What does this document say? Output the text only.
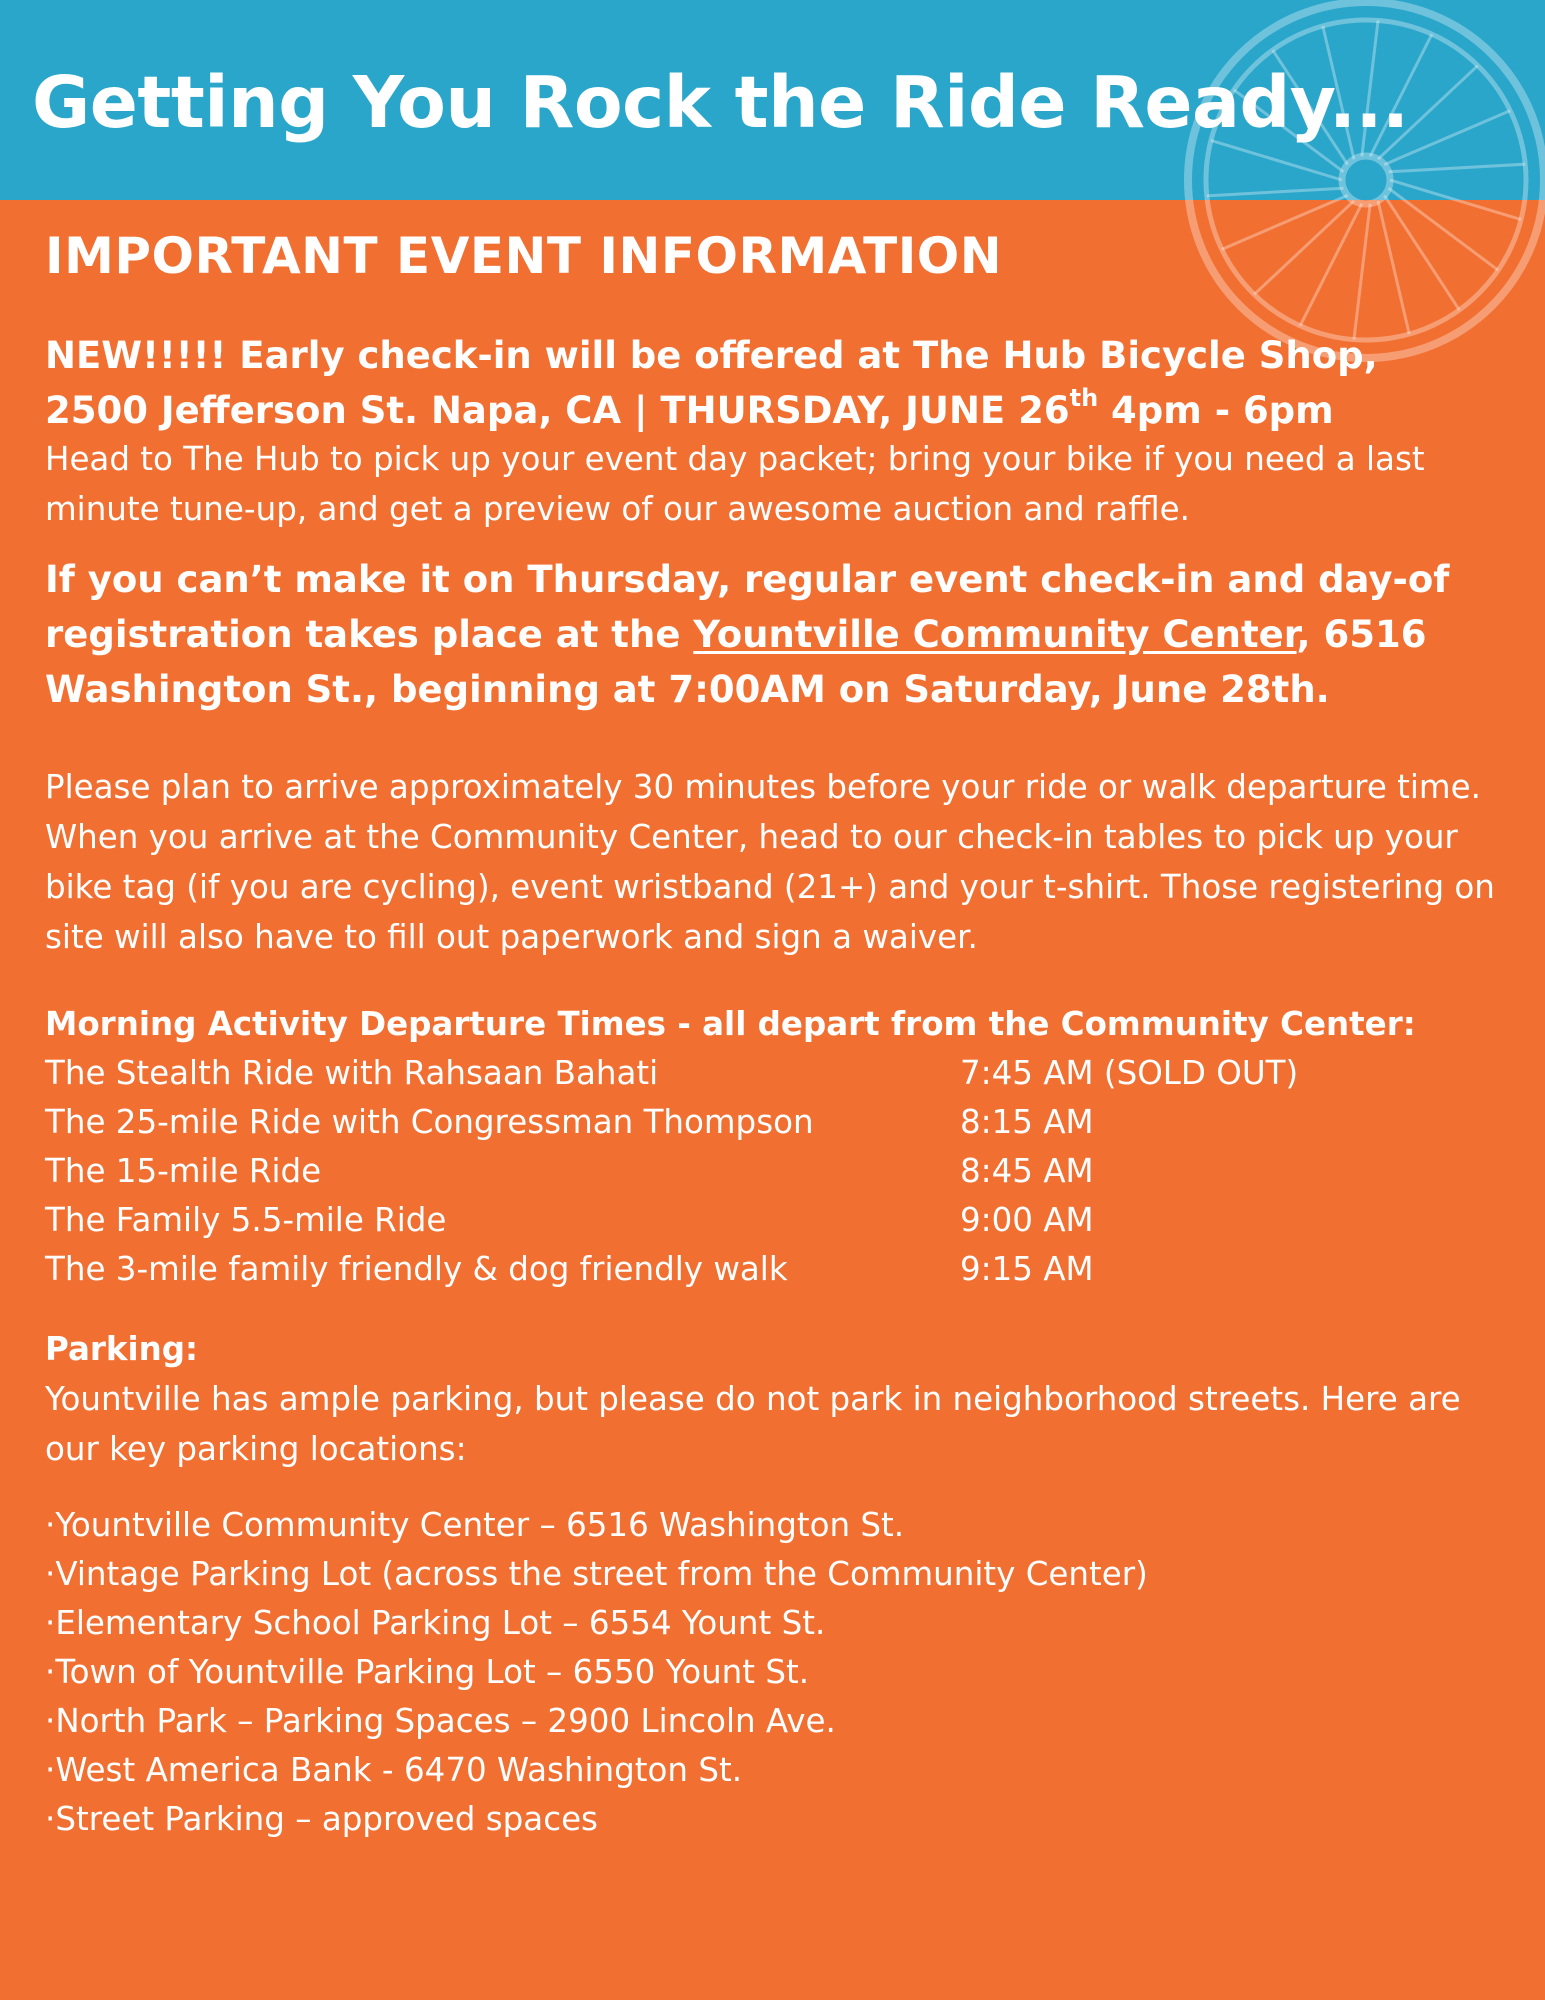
Getting You Rock the Ride Ready...
IMPORTANT EVENT INFORMATION
NEW!!!!! Early check-in will be offered at The Hub Bicycle Shop,
2500 Jefferson St. Napa, CA | THURSDAY, JUNE 26th 4pm - 6pm

Head to The Hub to pick up your event day packet; bring your bike if you need a last minute tune-up, and get a preview of our awesome auction and raffle.

If you can’t make it on Thursday, regular event check-in and day-of registration takes place at the Yountville Community Center, 6516 Washington St., beginning at 7:00AM on Saturday, June 28th.

Please plan to arrive approximately 30 minutes before your ride or walk departure time. When you arrive at the Community Center, head to our check-in tables to pick up your bike tag (if you are cycling), event wristband (21+) and your t-shirt. Those registering on site will also have to fill out paperwork and sign a waiver.

Morning Activity Departure Times - all depart from the Community Center:
The Stealth Ride with Rahsaan Bahati	7:45 AM (SOLD OUT)
The 25-mile Ride with Congressman Thompson	8:15 AM
The 15-mile Ride	8:45 AM
The Family 5.5-mile Ride	9:00 AM
The 3-mile family friendly & dog friendly walk	9:15 AM
Parking:

Yountville has ample parking, but please do not park in neighborhood streets. Here are our key parking locations:

·Yountville Community Center – 6516 Washington St.
·Vintage Parking Lot (across the street from the Community Center)
·Elementary School Parking Lot – 6554 Yount St.
·Town of Yountville Parking Lot – 6550 Yount St.
·North Park – Parking Spaces – 2900 Lincoln Ave.
·West America Bank - 6470 Washington St.
·Street Parking – approved spaces
